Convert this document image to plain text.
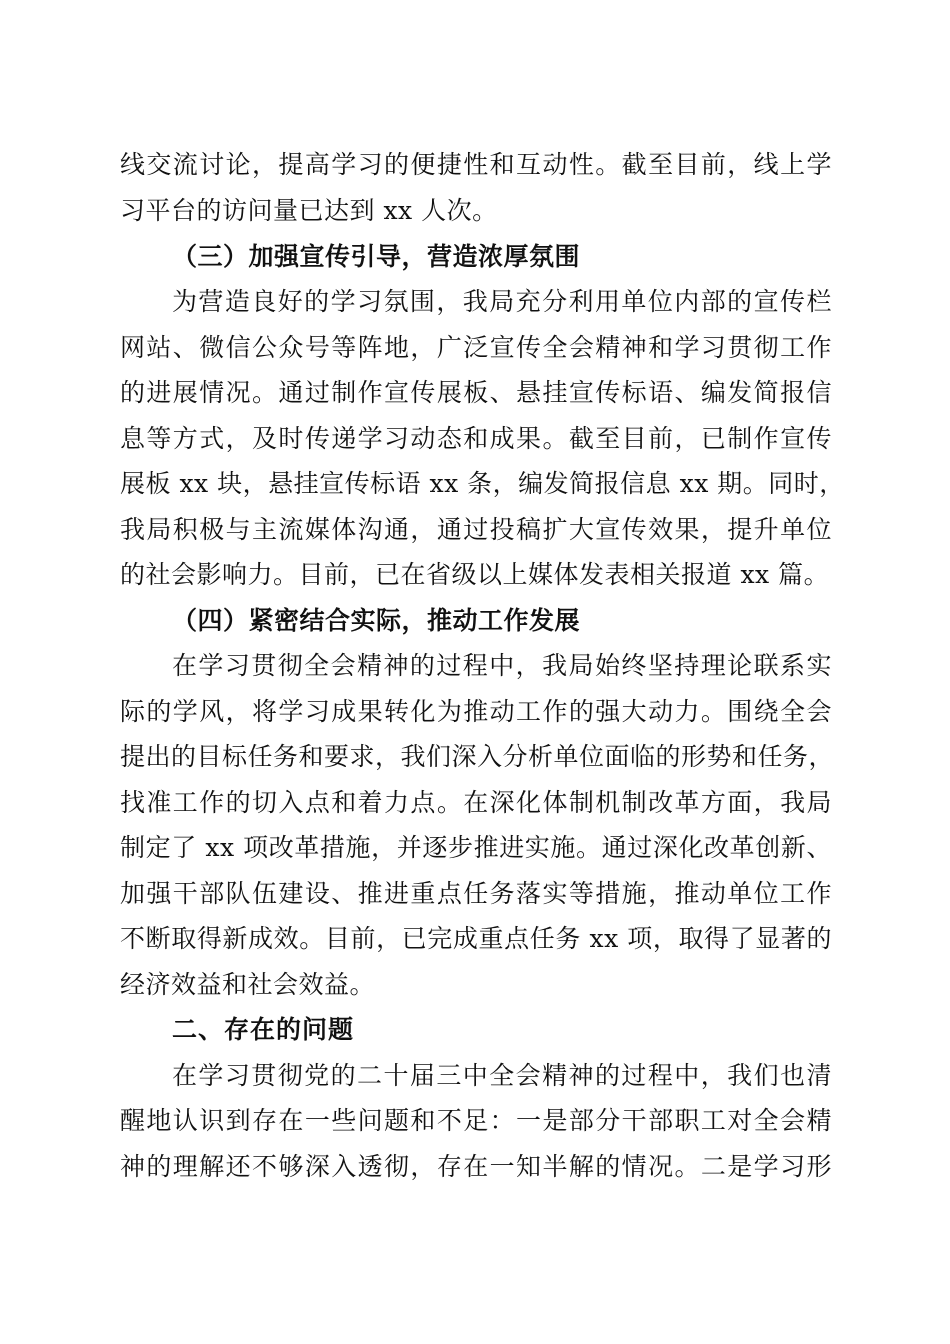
线交流讨论，提高学习的便捷性和互动性。截至目前，线上学
习平台的访问量已达到 xx 人次。
（三）加强宣传引导，营造浓厚氛围
为营造良好的学习氛围，我局充分利用单位内部的宣传栏
网站、微信公众号等阵地，广泛宣传全会精神和学习贯彻工作
的进展情况。通过制作宣传展板、悬挂宣传标语、编发简报信
息等方式，及时传递学习动态和成果。截至目前，已制作宣传
展板 xx 块，悬挂宣传标语 xx 条，编发简报信息 xx 期。同时，
我局积极与主流媒体沟通，通过投稿扩大宣传效果，提升单位
的社会影响力。目前，已在省级以上媒体发表相关报道 xx 篇。
（四）紧密结合实际，推动工作发展
在学习贯彻全会精神的过程中，我局始终坚持理论联系实
际的学风，将学习成果转化为推动工作的强大动力。围绕全会
提出的目标任务和要求，我们深入分析单位面临的形势和任务，
找准工作的切入点和着力点。在深化体制机制改革方面，我局
制定了 xx 项改革措施，并逐步推进实施。通过深化改革创新、
加强干部队伍建设、推进重点任务落实等措施，推动单位工作
不断取得新成效。目前，已完成重点任务 xx 项，取得了显著的
经济效益和社会效益。
二、存在的问题
在学习贯彻党的二十届三中全会精神的过程中，我们也清
醒地认识到存在一些问题和不足：一是部分干部职工对全会精
神的理解还不够深入透彻，存在一知半解的情况。二是学习形
